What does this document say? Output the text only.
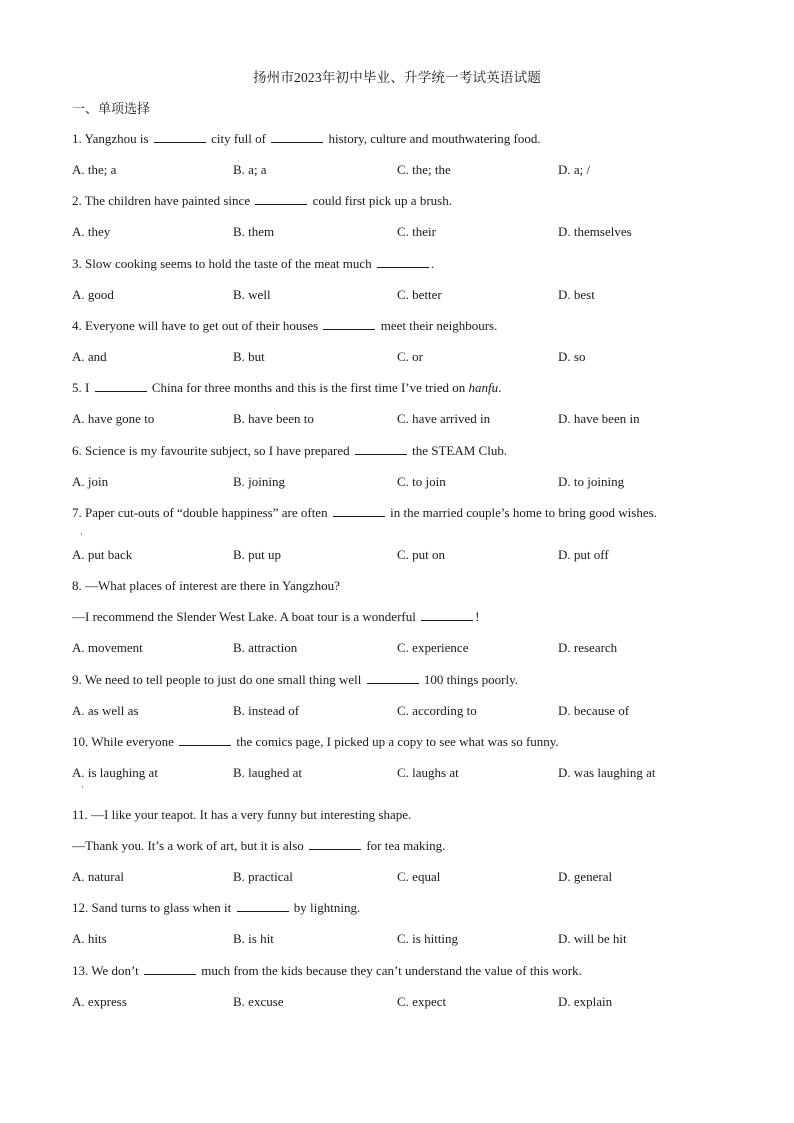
扬州市2023年初中毕业、升学统一考试英语试题
一、单项选择
1. Yangzhou is	city full of	history, culture and mouthwatering food.
A. the; a	B. a; a	C. the; the	D. a; /
2. The children have painted since	could first pick up a brush.
A. they	B. them	C. their	D. themselves
3. Slow cooking seems to hold the taste of the meat much	.
A. good	B. well	C. better	D. best
4. Everyone will have to get out of their houses	meet their neighbours.
A. and	B. but	C. or	D. so
5. I	China for three months and this is the first time I’ve tried on hanfu.
A. have gone to	B. have been to	C. have arrived in	D. have been in
6. Science is my favourite subject, so I have prepared	the STEAM Club.
A. join	B. joining	C. to join	D. to joining
7. Paper cut-outs of “double happiness” are often	in the married couple’s home to bring good wishes.
·
A. put back	B. put up	C. put on	D. put off
8. —What places of interest are there in Yangzhou?
—I recommend the Slender West Lake. A boat tour is a wonderful	!
A. movement	B. attraction	C. experience	D. research
9. We need to tell people to just do one small thing well	100 things poorly.
A. as well as	B. instead of	C. according to	D. because of
10. While everyone	the comics page, I picked up a copy to see what was so funny.
A. is laughing at	B. laughed at	C. laughs at	D. was laughing at
·
11. —I like your teapot. It has a very funny but interesting shape.
—Thank you. It’s a work of art, but it is also	for tea making.
A. natural	B. practical	C. equal	D. general
12. Sand turns to glass when it	by lightning.
A. hits	B. is hit	C. is hitting	D. will be hit
13. We don’t	much from the kids because they can’t understand the value of this work.
A. express	B. excuse	C. expect	D. explain
